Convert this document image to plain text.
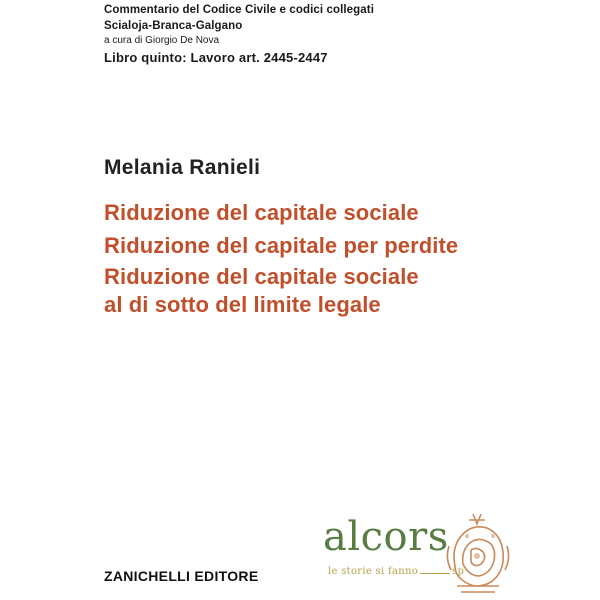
Commentario del Codice Civile e codici collegati
Scialoja-Branca-Galgano
a cura di Giorgio De Nova
Libro quinto: Lavoro art. 2445-2447
Melania Ranieli
Riduzione del capitale sociale
Riduzione del capitale per perdite
Riduzione del capitale sociale
al di sotto del limite legale
ZANICHELLI EDITORE
alcors
le storie si fanno	sp
